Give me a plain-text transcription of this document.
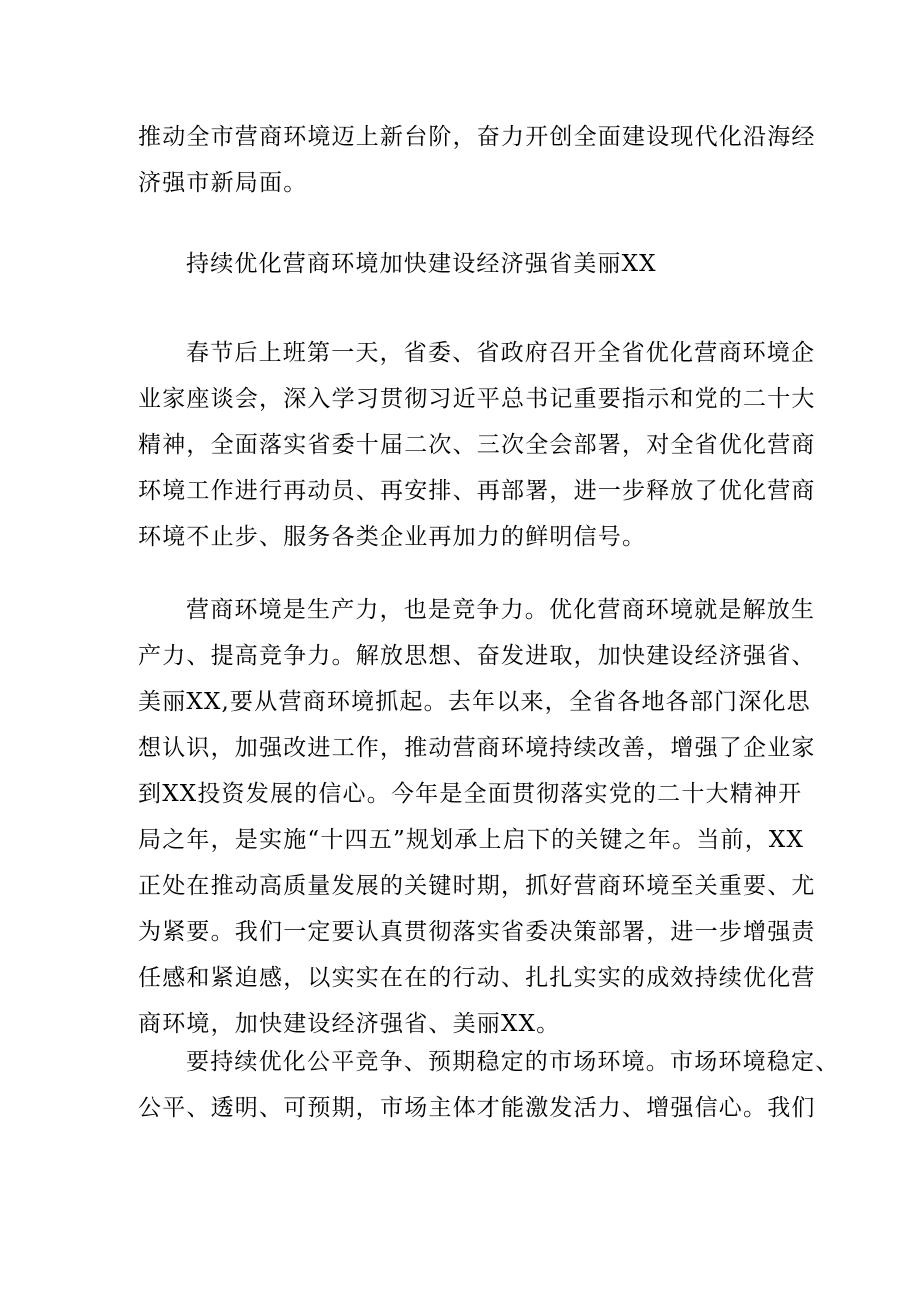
推动全市营商环境迈上新台阶，奋力开创全面建设现代化沿海经
济强市新局面。
持续优化营商环境加快建设经济强省美丽XX
春节后上班第一天，省委、省政府召开全省优化营商环境企
业家座谈会，深入学习贯彻习近平总书记重要指示和党的二十大
精神，全面落实省委十届二次、三次全会部署，对全省优化营商
环境工作进行再动员、再安排、再部署，进一步释放了优化营商
环境不止步、服务各类企业再加力的鲜明信号。
营商环境是生产力，也是竞争力。优化营商环境就是解放生
产力、提高竞争力。解放思想、奋发进取，加快建设经济强省、
美丽XX,要从营商环境抓起。去年以来，全省各地各部门深化思
想认识，加强改进工作，推动营商环境持续改善，增强了企业家
到XX投资发展的信心。今年是全面贯彻落实党的二十大精神开
局之年，是实施“十四五”规划承上启下的关键之年。当前，XX
正处在推动高质量发展的关键时期，抓好营商环境至关重要、尤
为紧要。我们一定要认真贯彻落实省委决策部署，进一步增强责
任感和紧迫感，以实实在在的行动、扎扎实实的成效持续优化营
商环境，加快建设经济强省、美丽XX。
要持续优化公平竞争、预期稳定的市场环境。市场环境稳定、
公平、透明、可预期，市场主体才能激发活力、增强信心。我们
